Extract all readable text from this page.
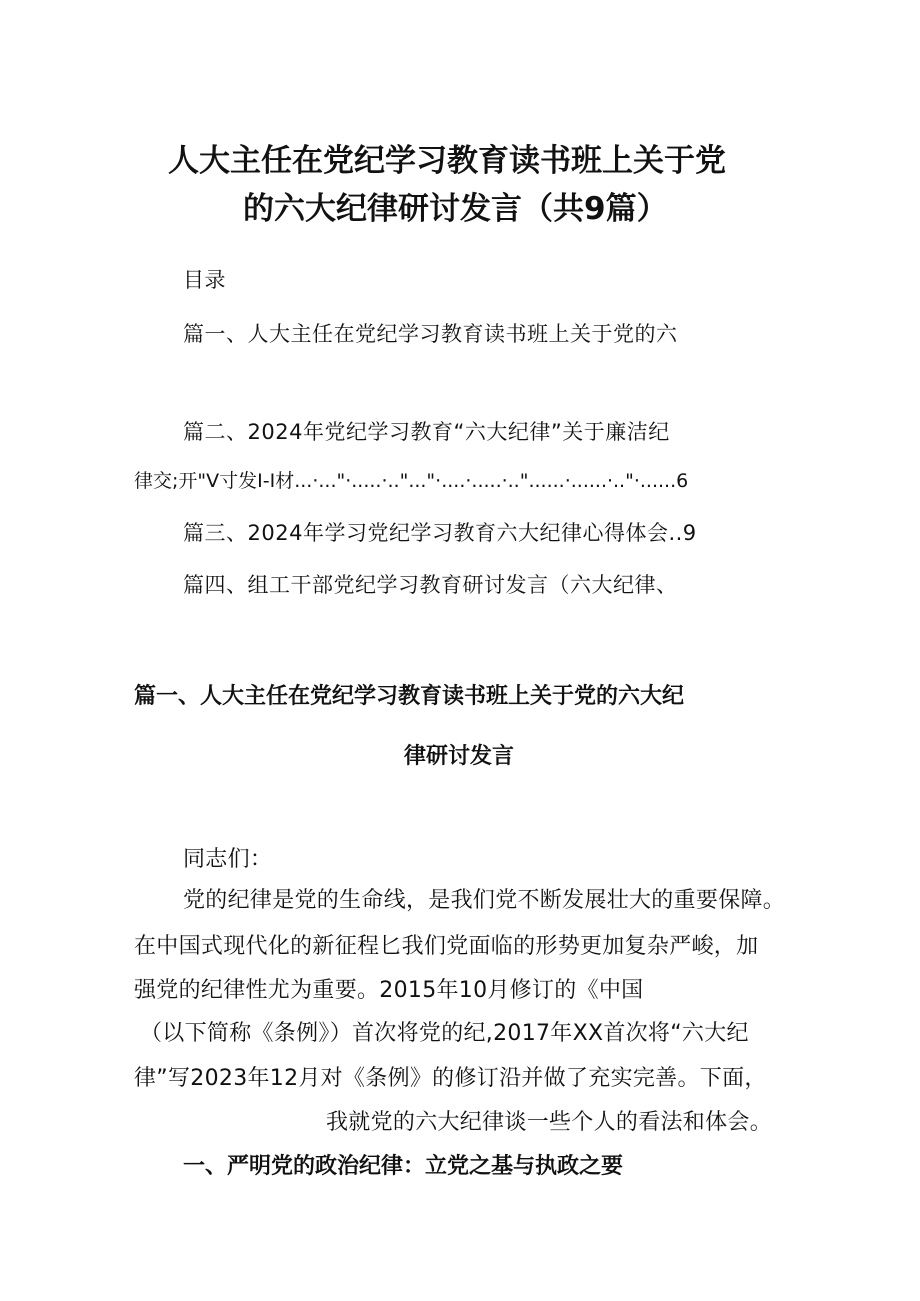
人大主任在党纪学习教育读书班上关于党
的六大纪律研讨发言（共9篇）
目录
篇一、人大主任在党纪学习教育读书班上关于党的六
篇二、2024年党纪学习教育“六大纪律”关于廉洁纪
律交;开"V寸发I-I材...·..."·.....·.."..."·....·.....·.."......·......·.."·......6
篇三、2024年学习党纪学习教育六大纪律心得体会..9
篇四、组工干部党纪学习教育研讨发言（六大纪律、
篇一、人大主任在党纪学习教育读书班上关于党的六大纪
律研讨发言
同志们：
党的纪律是党的生命线，是我们党不断发展壮大的重要保障。
在中国式现代化的新征程匕我们党面临的形势更加复杂严峻，加
强党的纪律性尤为重要。2015年10月修订的《中国
（以下简称《条例》）首次将党的纪,2017年XX首次将“六大纪
律”写2023年12月对《条例》的修订沿并做了充实完善。下面，
我就党的六大纪律谈一些个人的看法和体会。
一、严明党的政治纪律：立党之基与执政之要
